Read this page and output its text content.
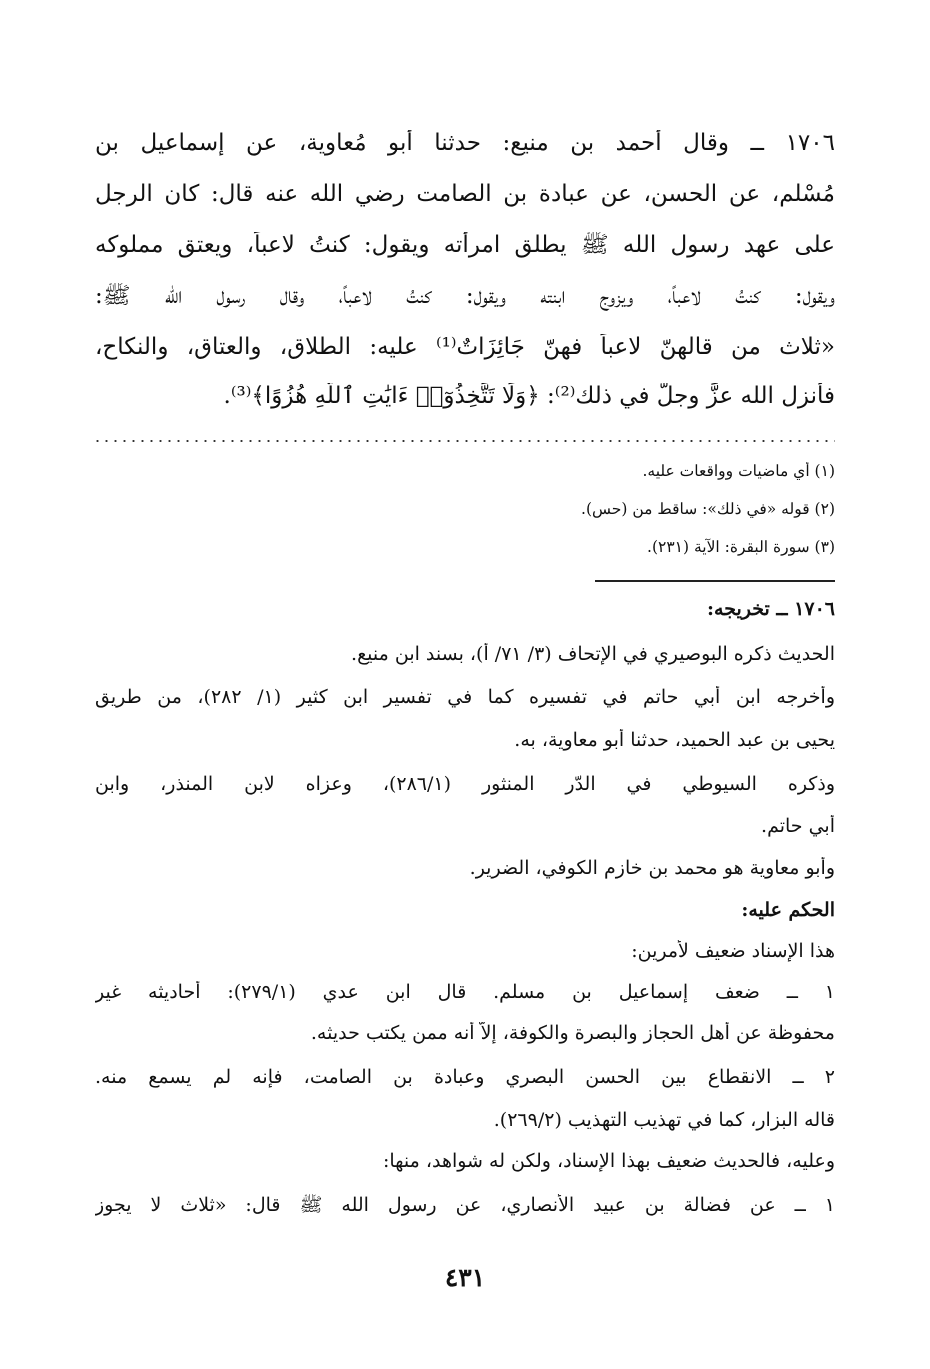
١٧٠٦ ــ وقال أحمد بن منيع: حدثنا أبو مُعاوية، عن إسماعيل بن
مُسْلم، عن الحسن، عن عبادة بن الصامت رضي الله عنه قال: كان الرجل
على عهد رسول الله ﷺ يطلق امرأته ويقول: كنتُ لاعباً، ويعتق مملوكه
ويقول: كنتُ لاعباً، ويزوج ابنته ويقول: كنتُ لاعباً، وقال رسول الله ﷺ:
«ثلاث من قالهنّ لاعباً فهنّ جَائِزَاتٌ⁽¹⁾ عليه: الطلاق، والعتاق، والنكاح،
فأنزل الله عزَّ وجلّ في ذلك⁽²⁾: ﴿وَلَا تَتَّخِذُوٓا۟ ءَايَٰتِ ٱللَّهِ هُزُوًا﴾⁽³⁾.
(١) أي ماضيات وواقعات عليه.
(٢) قوله «في ذلك»: ساقط من (حس).
(٣) سورة البقرة: الآية (٢٣١).
١٧٠٦ ــ تخريجه:
الحديث ذكره البوصيري في الإتحاف (٣/ ٧١/ أ)، بسند ابن منيع.
وأخرجه ابن أبي حاتم في تفسيره كما في تفسير ابن كثير (١/ ٢٨٢)، من طريق
يحيى بن عبد الحميد، حدثنا أبو معاوية، به.
وذكره السيوطي في الدّر المنثور (٢٨٦/١)، وعزاه لابن المنذر، وابن
أبي حاتم.
وأبو معاوية هو محمد بن خازم الكوفي، الضرير.
الحكم عليه:
هذا الإسناد ضعيف لأمرين:
١ ــ ضعف إسماعيل بن مسلم. قال ابن عدي (٢٧٩/١): أحاديثه غير
محفوظة عن أهل الحجاز والبصرة والكوفة، إلاّ أنه ممن يكتب حديثه.
٢ ــ الانقطاع بين الحسن البصري وعبادة بن الصامت، فإنه لم يسمع منه.
قاله البزار، كما في تهذيب التهذيب (٢٦٩/٢).
وعليه، فالحديث ضعيف بهذا الإسناد، ولكن له شواهد، منها:
١ ــ عن فضالة بن عبيد الأنصاري، عن رسول الله ﷺ قال: «ثلاث لا يجوز
٤٣١
